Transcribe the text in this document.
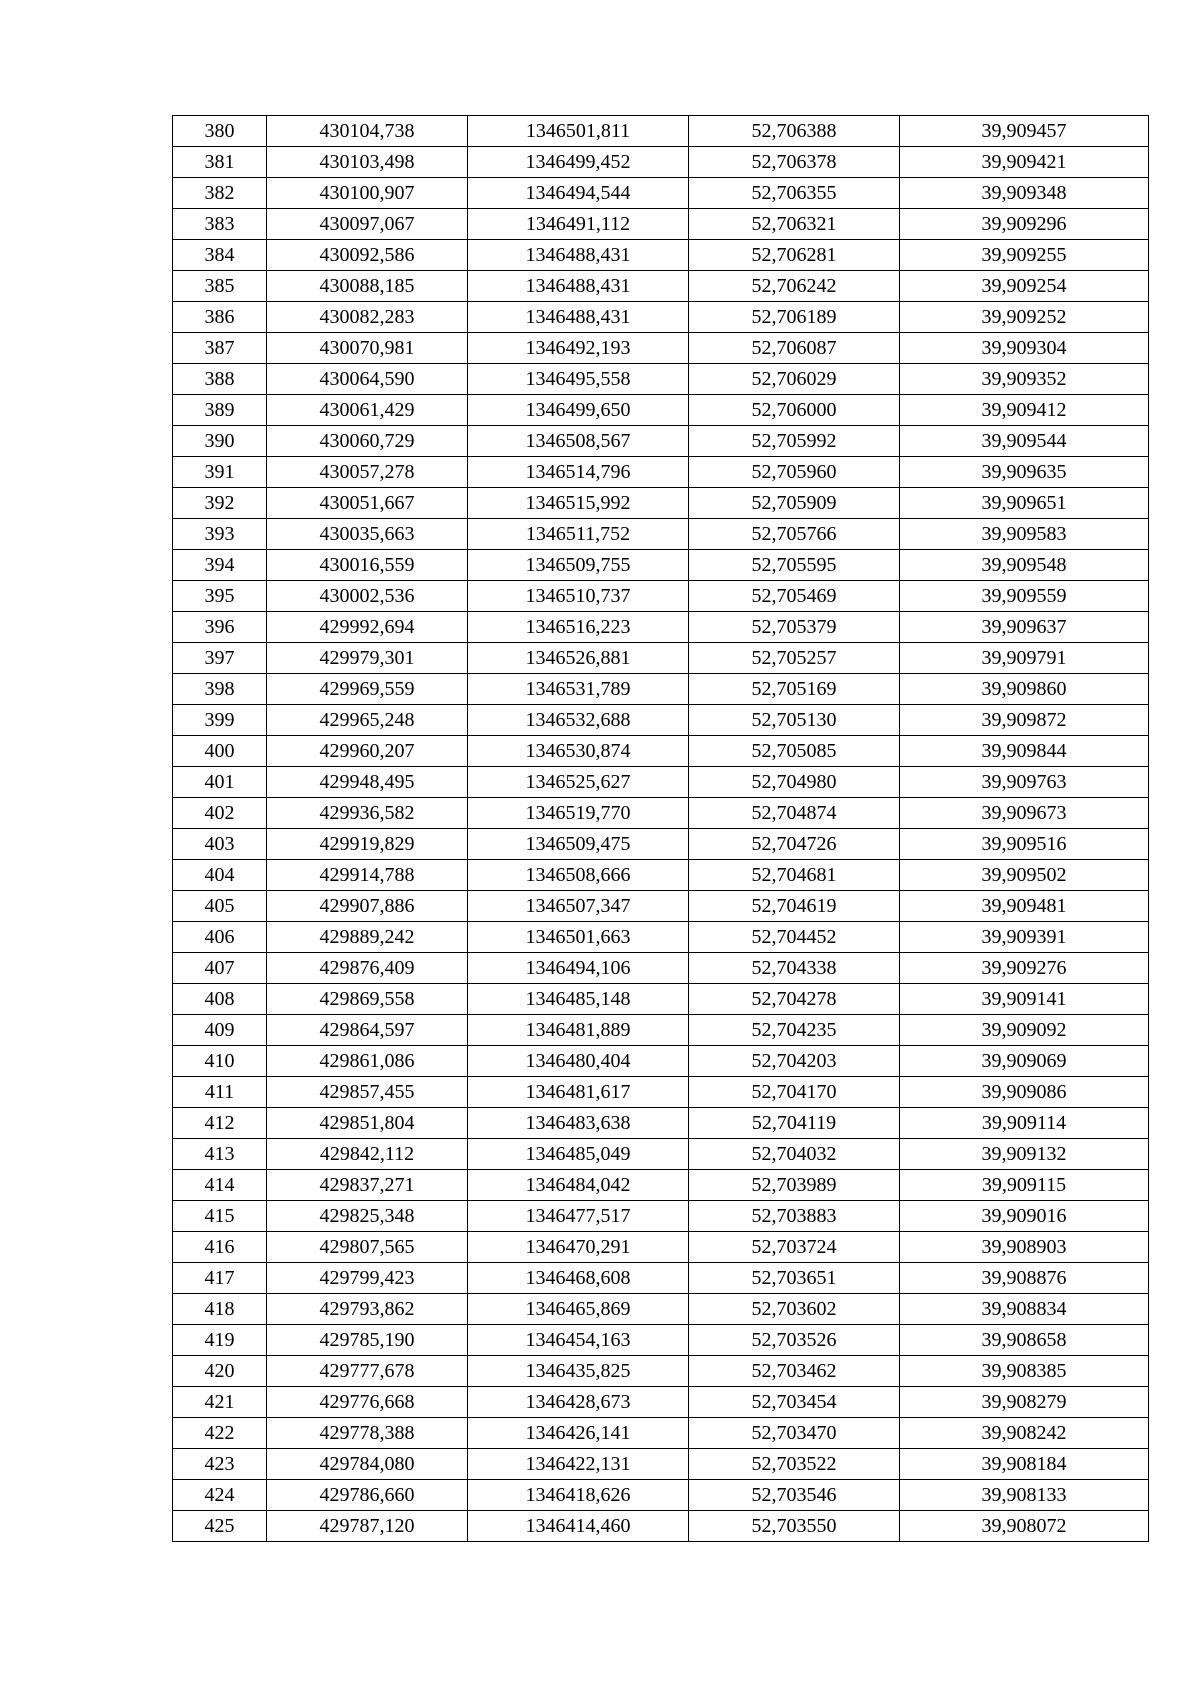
380	430104,738	1346501,811	52,706388	39,909457
381	430103,498	1346499,452	52,706378	39,909421
382	430100,907	1346494,544	52,706355	39,909348
383	430097,067	1346491,112	52,706321	39,909296
384	430092,586	1346488,431	52,706281	39,909255
385	430088,185	1346488,431	52,706242	39,909254
386	430082,283	1346488,431	52,706189	39,909252
387	430070,981	1346492,193	52,706087	39,909304
388	430064,590	1346495,558	52,706029	39,909352
389	430061,429	1346499,650	52,706000	39,909412
390	430060,729	1346508,567	52,705992	39,909544
391	430057,278	1346514,796	52,705960	39,909635
392	430051,667	1346515,992	52,705909	39,909651
393	430035,663	1346511,752	52,705766	39,909583
394	430016,559	1346509,755	52,705595	39,909548
395	430002,536	1346510,737	52,705469	39,909559
396	429992,694	1346516,223	52,705379	39,909637
397	429979,301	1346526,881	52,705257	39,909791
398	429969,559	1346531,789	52,705169	39,909860
399	429965,248	1346532,688	52,705130	39,909872
400	429960,207	1346530,874	52,705085	39,909844
401	429948,495	1346525,627	52,704980	39,909763
402	429936,582	1346519,770	52,704874	39,909673
403	429919,829	1346509,475	52,704726	39,909516
404	429914,788	1346508,666	52,704681	39,909502
405	429907,886	1346507,347	52,704619	39,909481
406	429889,242	1346501,663	52,704452	39,909391
407	429876,409	1346494,106	52,704338	39,909276
408	429869,558	1346485,148	52,704278	39,909141
409	429864,597	1346481,889	52,704235	39,909092
410	429861,086	1346480,404	52,704203	39,909069
411	429857,455	1346481,617	52,704170	39,909086
412	429851,804	1346483,638	52,704119	39,909114
413	429842,112	1346485,049	52,704032	39,909132
414	429837,271	1346484,042	52,703989	39,909115
415	429825,348	1346477,517	52,703883	39,909016
416	429807,565	1346470,291	52,703724	39,908903
417	429799,423	1346468,608	52,703651	39,908876
418	429793,862	1346465,869	52,703602	39,908834
419	429785,190	1346454,163	52,703526	39,908658
420	429777,678	1346435,825	52,703462	39,908385
421	429776,668	1346428,673	52,703454	39,908279
422	429778,388	1346426,141	52,703470	39,908242
423	429784,080	1346422,131	52,703522	39,908184
424	429786,660	1346418,626	52,703546	39,908133
425	429787,120	1346414,460	52,703550	39,908072
